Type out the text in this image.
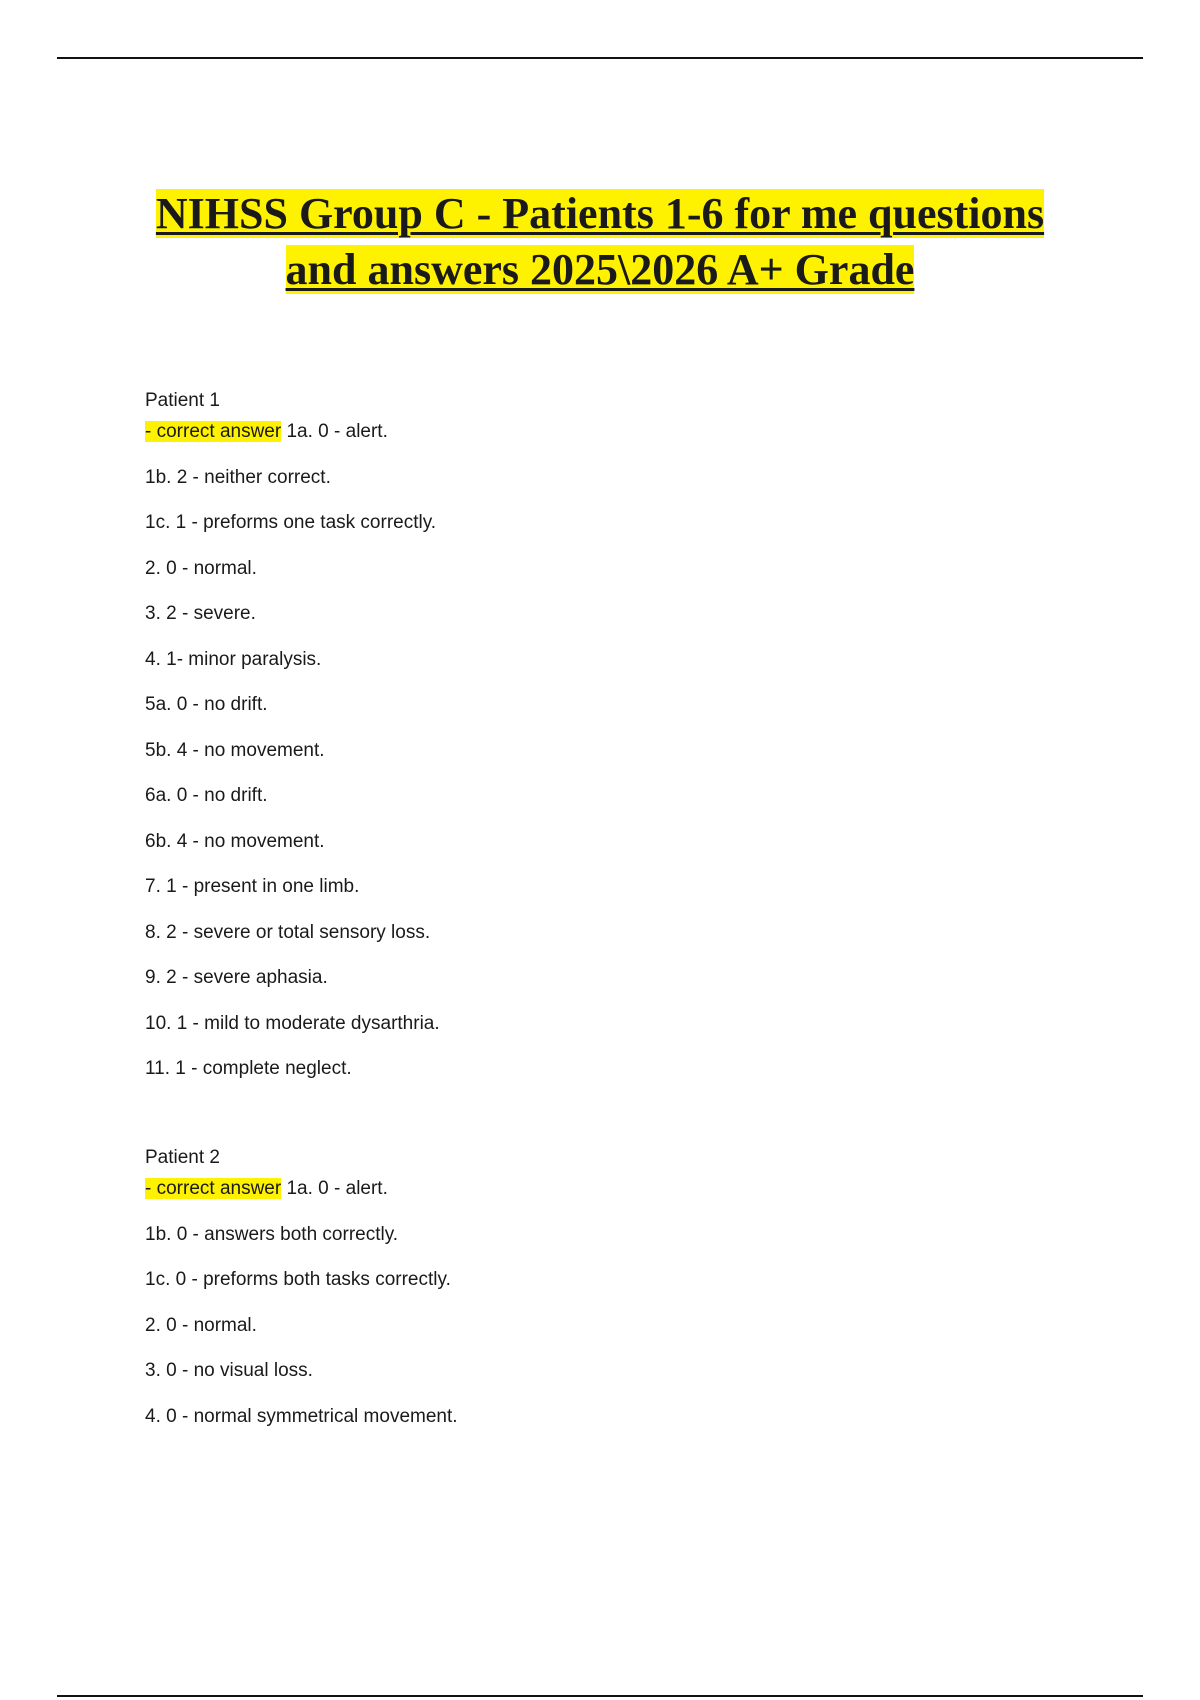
NIHSS Group C - Patients 1-6 for me questions
and answers 2025\2026 A+ Grade
Patient 1
- correct answer 1a. 0 - alert.
1b. 2 - neither correct.
1c. 1 - preforms one task correctly.
2. 0 - normal.
3. 2 - severe.
4. 1- minor paralysis.
5a. 0 - no drift.
5b. 4 - no movement.
6a. 0 - no drift.
6b. 4 - no movement.
7. 1 - present in one limb.
8. 2 - severe or total sensory loss.
9. 2 - severe aphasia.
10. 1 - mild to moderate dysarthria.
11. 1 - complete neglect.
Patient 2
- correct answer 1a. 0 - alert.
1b. 0 - answers both correctly.
1c. 0 - preforms both tasks correctly.
2. 0 - normal.
3. 0 - no visual loss.
4. 0 - normal symmetrical movement.
